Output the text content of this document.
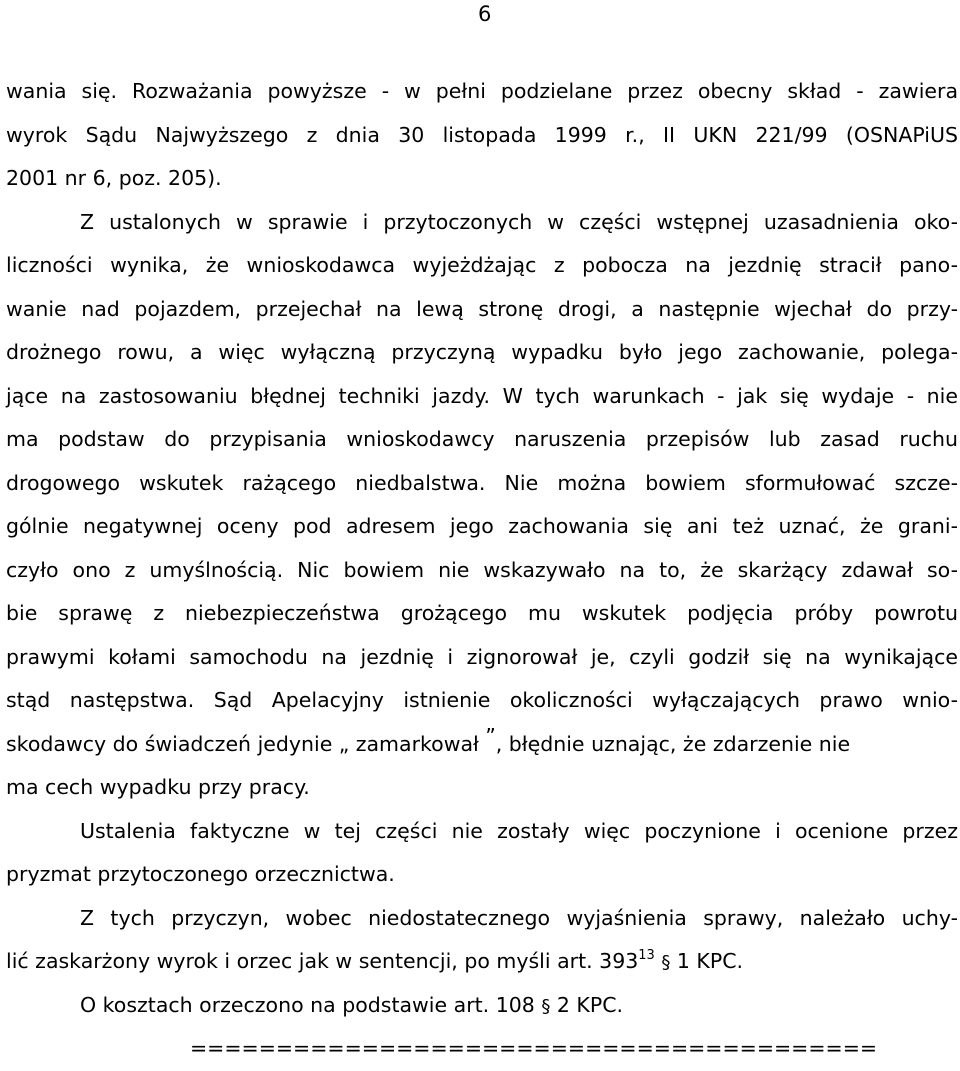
6
wania się. Rozważania powyższe - w pełni podzielane przez obecny skład - zawiera
wyrok Sądu Najwyższego z dnia 30 listopada 1999 r., II UKN 221/99 (OSNAPiUS
2001 nr 6, poz. 205).
Z ustalonych w sprawie i przytoczonych w części wstępnej uzasadnienia oko-
liczności wynika, że wnioskodawca wyjeżdżając z pobocza na jezdnię stracił pano-
wanie nad pojazdem, przejechał na lewą stronę drogi, a następnie wjechał do przy-
drożnego rowu, a więc wyłączną przyczyną wypadku było jego zachowanie, polega-
jące na zastosowaniu błędnej techniki jazdy. W tych warunkach - jak się wydaje - nie
ma podstaw do przypisania wnioskodawcy naruszenia przepisów lub zasad ruchu
drogowego wskutek rażącego niedbalstwa. Nie można bowiem sformułować szcze-
gólnie negatywnej oceny pod adresem jego zachowania się ani też uznać, że grani-
czyło ono z umyślnością. Nic bowiem nie wskazywało na to, że skarżący zdawał so-
bie sprawę z niebezpieczeństwa grożącego mu wskutek podjęcia próby powrotu
prawymi kołami samochodu na jezdnię i zignorował je, czyli godził się na wynikające
stąd następstwa. Sąd Apelacyjny istnienie okoliczności wyłączających prawo wnio-
skodawcy do świadczeń jedynie „ zamarkował ”, błędnie uznając, że zdarzenie nie
ma cech wypadku przy pracy.
Ustalenia faktyczne w tej części nie zostały więc poczynione i ocenione przez
pryzmat przytoczonego orzecznictwa.
Z tych przyczyn, wobec niedostatecznego wyjaśnienia sprawy, należało uchy-
lić zaskarżony wyrok i orzec jak w sentencji, po myśli art. $393^{13}$ § 1 KPC.
O kosztach orzeczono na podstawie art. 108 § 2 KPC.
========================================
